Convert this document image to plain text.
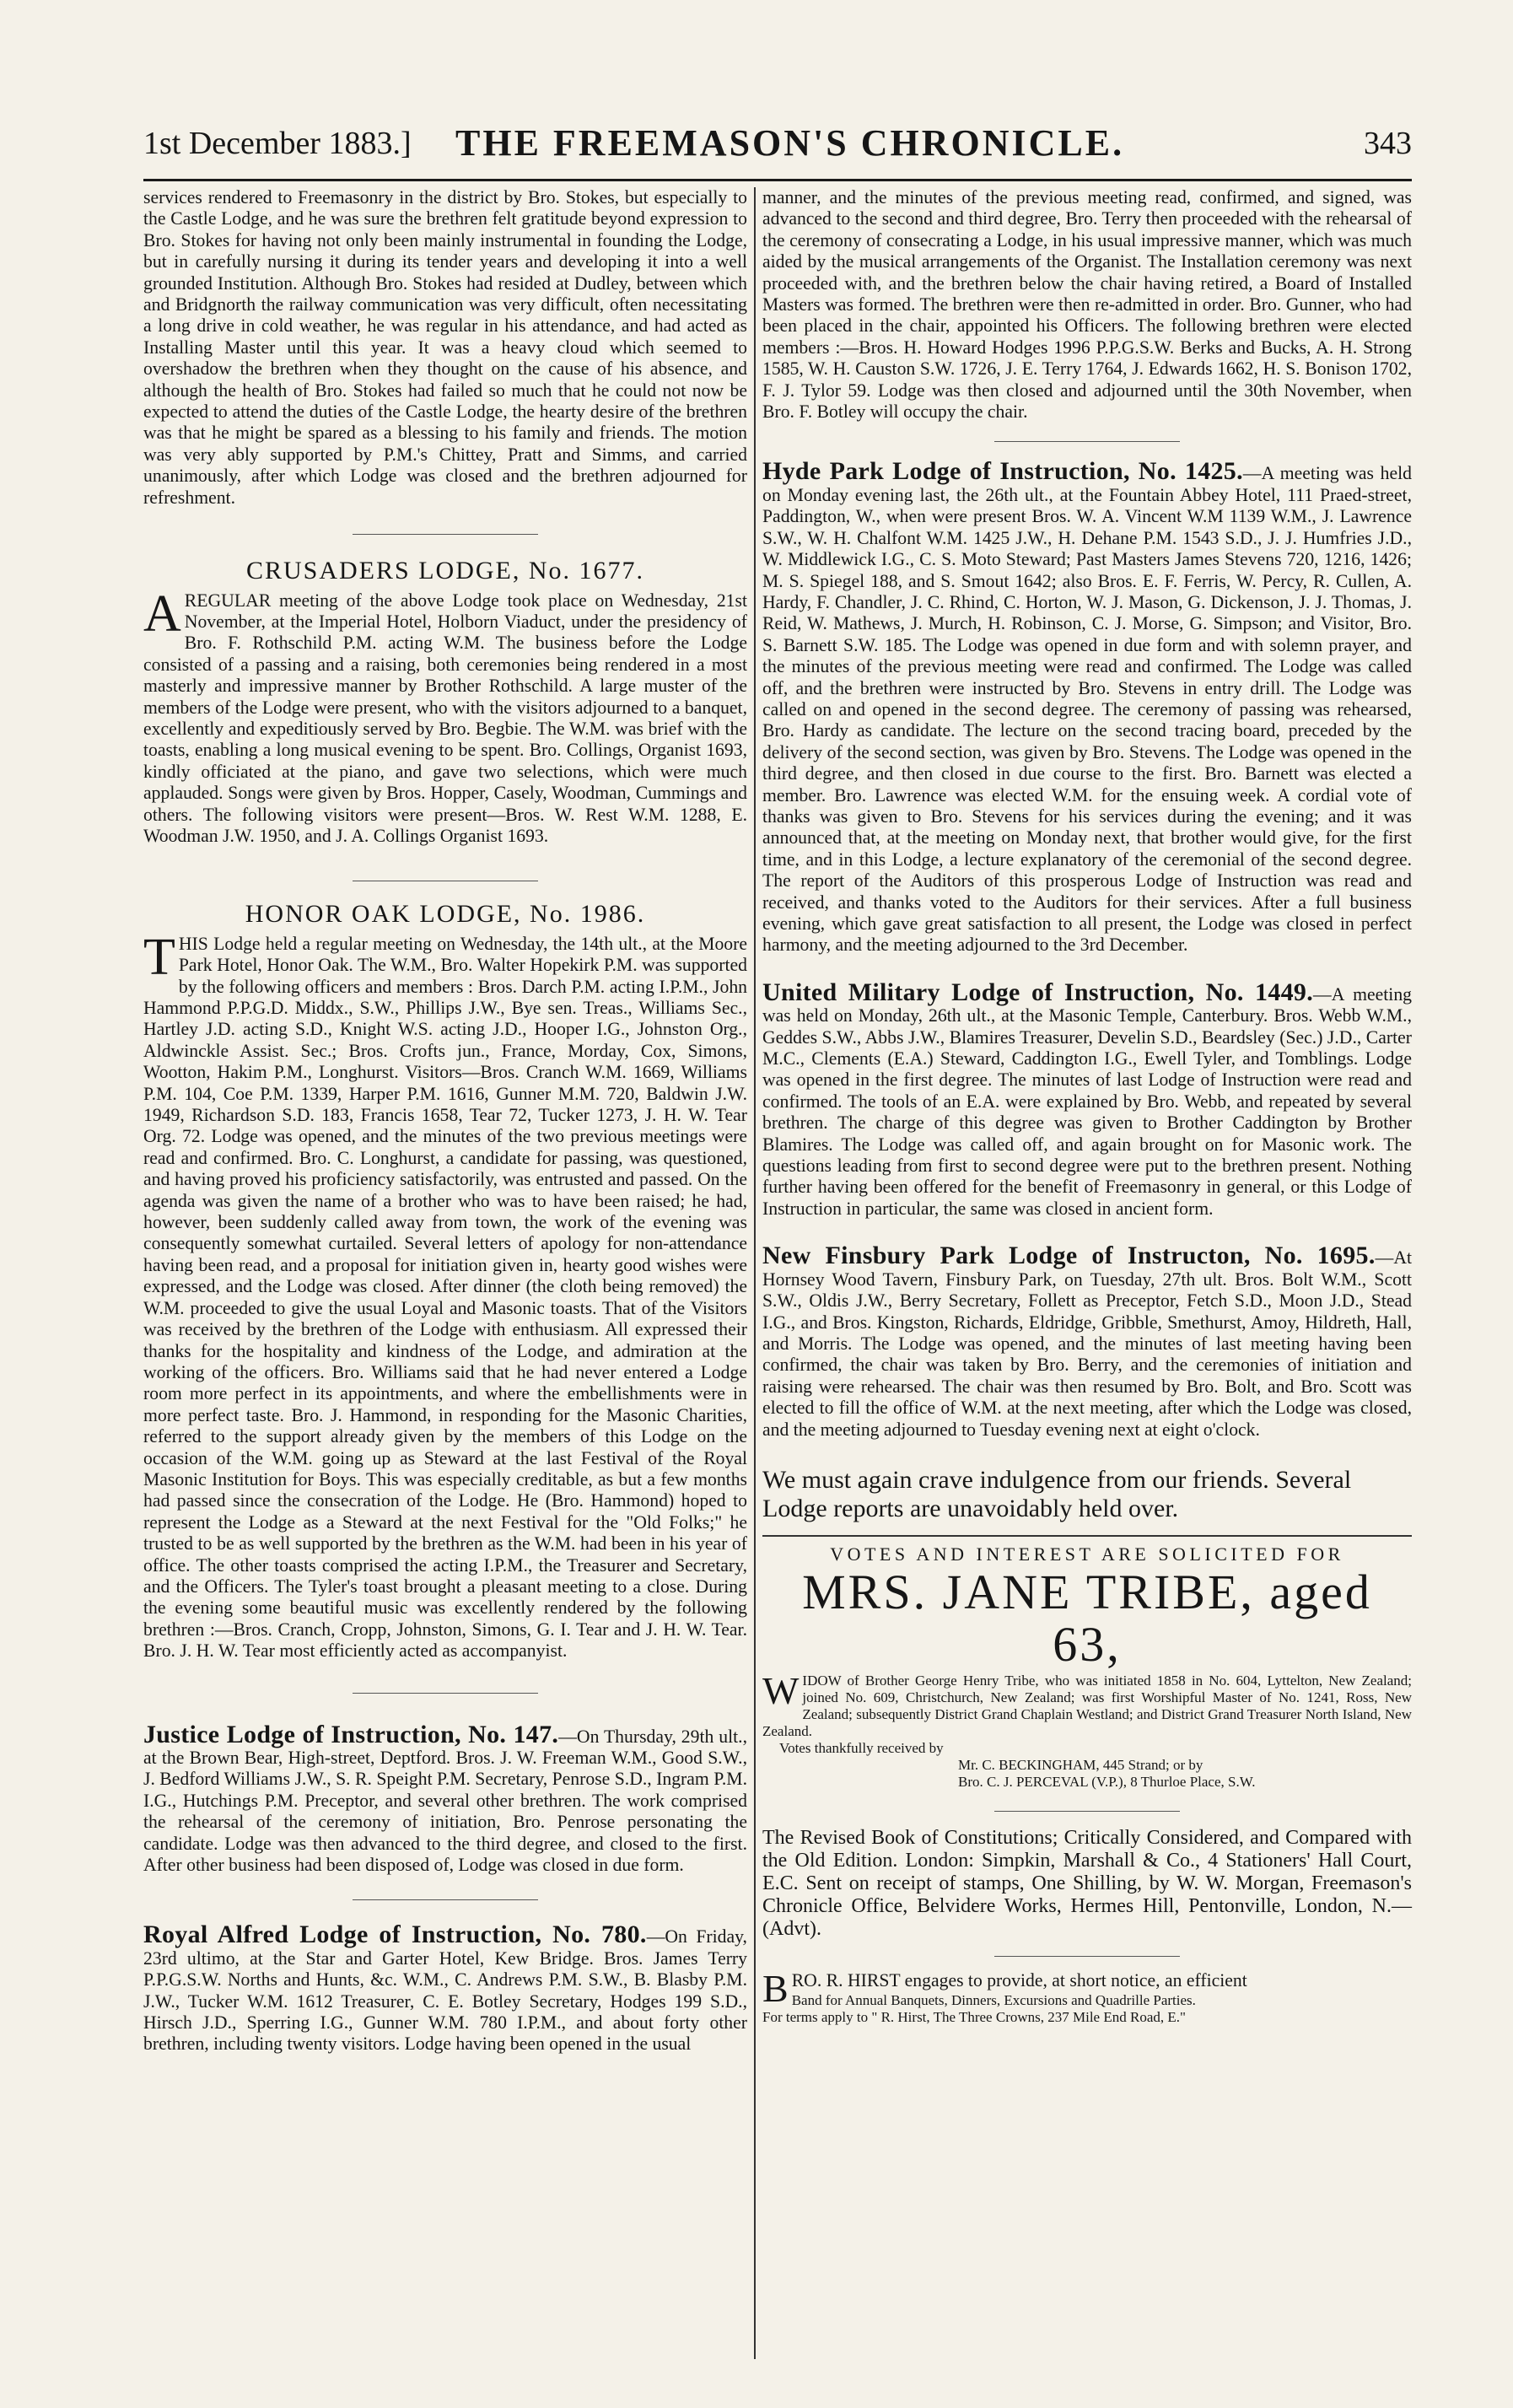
1st December 1883.] THE FREEMASON'S CHRONICLE.	343

services rendered to Freemasonry in the district by Bro. Stokes, but especially to the Castle Lodge, and he was sure the brethren felt gratitude beyond expression to Bro. Stokes for having not only been mainly instrumental in founding the Lodge, but in carefully nursing it during its tender years and developing it into a well grounded Institution. Although Bro. Stokes had resided at Dudley, between which and Bridgnorth the railway communication was very difficult, often necessitating a long drive in cold weather, he was regular in his attendance, and had acted as Installing Master until this year. It was a heavy cloud which seemed to overshadow the brethren when they thought on the cause of his absence, and although the health of Bro. Stokes had failed so much that he could not now be expected to attend the duties of the Castle Lodge, the hearty desire of the brethren was that he might be spared as a blessing to his family and friends. The motion was very ably supported by P.M.'s Chittey, Pratt and Simms, and carried unanimously, after which Lodge was closed and the brethren adjourned for refreshment.

CRUSADERS LODGE, No. 1677.

AREGULAR meeting of the above Lodge took place on Wednesday, 21st November, at the Imperial Hotel, Holborn Viaduct, under the presidency of Bro. F. Rothschild P.M. acting W.M. The business before the Lodge consisted of a passing and a raising, both ceremonies being rendered in a most masterly and impressive manner by Brother Rothschild. A large muster of the members of the Lodge were present, who with the visitors adjourned to a banquet, excellently and expeditiously served by Bro. Begbie. The W.M. was brief with the toasts, enabling a long musical evening to be spent. Bro. Collings, Organist 1693, kindly officiated at the piano, and gave two selections, which were much applauded. Songs were given by Bros. Hopper, Casely, Woodman, Cummings and others. The following visitors were present—Bros. W. Rest W.M. 1288, E. Woodman J.W. 1950, and J. A. Collings Organist 1693.

HONOR OAK LODGE, No. 1986.

THIS Lodge held a regular meeting on Wednesday, the 14th ult., at the Moore Park Hotel, Honor Oak. The W.M., Bro. Walter Hopekirk P.M. was supported by the following officers and members : Bros. Darch P.M. acting I.P.M., John Hammond P.P.G.D. Middx., S.W., Phillips J.W., Bye sen. Treas., Williams Sec., Hartley J.D. acting S.D., Knight W.S. acting J.D., Hooper I.G., Johnston Org., Aldwinckle Assist. Sec.; Bros. Crofts jun., France, Morday, Cox, Simons, Wootton, Hakim P.M., Longhurst. Visitors—Bros. Cranch W.M. 1669, Williams P.M. 104, Coe P.M. 1339, Harper P.M. 1616, Gunner M.M. 720, Baldwin J.W. 1949, Richardson S.D. 183, Francis 1658, Tear 72, Tucker 1273, J. H. W. Tear Org. 72. Lodge was opened, and the minutes of the two previous meetings were read and confirmed. Bro. C. Longhurst, a candidate for passing, was questioned, and having proved his proficiency satisfactorily, was entrusted and passed. On the agenda was given the name of a brother who was to have been raised; he had, however, been suddenly called away from town, the work of the evening was consequently somewhat curtailed. Several letters of apology for non-attendance having been read, and a proposal for initiation given in, hearty good wishes were expressed, and the Lodge was closed. After dinner (the cloth being removed) the W.M. proceeded to give the usual Loyal and Masonic toasts. That of the Visitors was received by the brethren of the Lodge with enthusiasm. All expressed their thanks for the hospitality and kindness of the Lodge, and admiration at the working of the officers. Bro. Williams said that he had never entered a Lodge room more perfect in its appointments, and where the embellishments were in more perfect taste. Bro. J. Hammond, in responding for the Masonic Charities, referred to the support already given by the members of this Lodge on the occasion of the W.M. going up as Steward at the last Festival of the Royal Masonic Institution for Boys. This was especially creditable, as but a few months had passed since the consecration of the Lodge. He (Bro. Hammond) hoped to represent the Lodge as a Steward at the next Festival for the "Old Folks;" he trusted to be as well supported by the brethren as the W.M. had been in his year of office. The other toasts comprised the acting I.P.M., the Treasurer and Secretary, and the Officers. The Tyler's toast brought a pleasant meeting to a close. During the evening some beautiful music was excellently rendered by the following brethren :—Bros. Cranch, Cropp, Johnston, Simons, G. I. Tear and J. H. W. Tear. Bro. J. H. W. Tear most efficiently acted as accompanyist.

Justice Lodge of Instruction, No. 147.—On Thursday, 29th ult., at the Brown Bear, High-street, Deptford. Bros. J. W. Freeman W.M., Good S.W., J. Bedford Williams J.W., S. R. Speight P.M. Secretary, Penrose S.D., Ingram P.M. I.G., Hutchings P.M. Preceptor, and several other brethren. The work comprised the rehearsal of the ceremony of initiation, Bro. Penrose personating the candidate. Lodge was then advanced to the third degree, and closed to the first. After other business had been disposed of, Lodge was closed in due form.

Royal Alfred Lodge of Instruction, No. 780.—On Friday, 23rd ultimo, at the Star and Garter Hotel, Kew Bridge. Bros. James Terry P.P.G.S.W. Norths and Hunts, &c. W.M., C. Andrews P.M. S.W., B. Blasby P.M. J.W., Tucker W.M. 1612 Treasurer, C. E. Botley Secretary, Hodges 199 S.D., Hirsch J.D., Sperring I.G., Gunner W.M. 780 I.P.M., and about forty other brethren, including twenty visitors. Lodge having been opened in the usual

manner, and the minutes of the previous meeting read, confirmed, and signed, was advanced to the second and third degree, Bro. Terry then proceeded with the rehearsal of the ceremony of consecrating a Lodge, in his usual impressive manner, which was much aided by the musical arrangements of the Organist. The Installation ceremony was next proceeded with, and the brethren below the chair having retired, a Board of Installed Masters was formed. The brethren were then re-admitted in order. Bro. Gunner, who had been placed in the chair, appointed his Officers. The following brethren were elected members :—Bros. H. Howard Hodges 1996 P.P.G.S.W. Berks and Bucks, A. H. Strong 1585, W. H. Causton S.W. 1726, J. E. Terry 1764, J. Edwards 1662, H. S. Bonison 1702, F. J. Tylor 59. Lodge was then closed and adjourned until the 30th November, when Bro. F. Botley will occupy the chair.

Hyde Park Lodge of Instruction, No. 1425.—A meeting was held on Monday evening last, the 26th ult., at the Fountain Abbey Hotel, 111 Praed-street, Paddington, W., when were present Bros. W. A. Vincent W.M 1139 W.M., J. Lawrence S.W., W. H. Chalfont W.M. 1425 J.W., H. Dehane P.M. 1543 S.D., J. J. Humfries J.D., W. Middlewick I.G., C. S. Moto Steward; Past Masters James Stevens 720, 1216, 1426; M. S. Spiegel 188, and S. Smout 1642; also Bros. E. F. Ferris, W. Percy, R. Cullen, A. Hardy, F. Chandler, J. C. Rhind, C. Horton, W. J. Mason, G. Dickenson, J. J. Thomas, J. Reid, W. Mathews, J. Murch, H. Robinson, C. J. Morse, G. Simpson; and Visitor, Bro. S. Barnett S.W. 185. The Lodge was opened in due form and with solemn prayer, and the minutes of the previous meeting were read and confirmed. The Lodge was called off, and the brethren were instructed by Bro. Stevens in entry drill. The Lodge was called on and opened in the second degree. The ceremony of passing was rehearsed, Bro. Hardy as candidate. The lecture on the second tracing board, preceded by the delivery of the second section, was given by Bro. Stevens. The Lodge was opened in the third degree, and then closed in due course to the first. Bro. Barnett was elected a member. Bro. Lawrence was elected W.M. for the ensuing week. A cordial vote of thanks was given to Bro. Stevens for his services during the evening; and it was announced that, at the meeting on Monday next, that brother would give, for the first time, and in this Lodge, a lecture explanatory of the ceremonial of the second degree. The report of the Auditors of this prosperous Lodge of Instruction was read and received, and thanks voted to the Auditors for their services. After a full business evening, which gave great satisfaction to all present, the Lodge was closed in perfect harmony, and the meeting adjourned to the 3rd December.

United Military Lodge of Instruction, No. 1449.—A meeting was held on Monday, 26th ult., at the Masonic Temple, Canterbury. Bros. Webb W.M., Geddes S.W., Abbs J.W., Blamires Treasurer, Develin S.D., Beardsley (Sec.) J.D., Carter M.C., Clements (E.A.) Steward, Caddington I.G., Ewell Tyler, and Tomblings. Lodge was opened in the first degree. The minutes of last Lodge of Instruction were read and confirmed. The tools of an E.A. were explained by Bro. Webb, and repeated by several brethren. The charge of this degree was given to Brother Caddington by Brother Blamires. The Lodge was called off, and again brought on for Masonic work. The questions leading from first to second degree were put to the brethren present. Nothing further having been offered for the benefit of Freemasonry in general, or this Lodge of Instruction in particular, the same was closed in ancient form.

New Finsbury Park Lodge of Instructon, No. 1695.—At Hornsey Wood Tavern, Finsbury Park, on Tuesday, 27th ult. Bros. Bolt W.M., Scott S.W., Oldis J.W., Berry Secretary, Follett as Preceptor, Fetch S.D., Moon J.D., Stead I.G., and Bros. Kingston, Richards, Eldridge, Gribble, Smethurst, Amoy, Hildreth, Hall, and Morris. The Lodge was opened, and the minutes of last meeting having been confirmed, the chair was taken by Bro. Berry, and the ceremonies of initiation and raising were rehearsed. The chair was then resumed by Bro. Bolt, and Bro. Scott was elected to fill the office of W.M. at the next meeting, after which the Lodge was closed, and the meeting adjourned to Tuesday evening next at eight o'clock.

We must again crave indulgence from our friends. Several Lodge reports are unavoidably held over.

VOTES AND INTEREST ARE SOLICITED FOR
MRS. JANE TRIBE, aged 63,

WIDOW of Brother George Henry Tribe, who was initiated 1858 in No. 604, Lyttelton, New Zealand; joined No. 609, Christchurch, New Zealand; was first Worshipful Master of No. 1241, Ross, New Zealand; subsequently District Grand Chaplain Westland; and District Grand Treasurer North Island, New Zealand.

Votes thankfully received by

Mr. C. BECKINGHAM, 445 Strand; or by

Bro. C. J. PERCEVAL (V.P.), 8 Thurloe Place, S.W.

The Revised Book of Constitutions; Critically Considered, and Compared with the Old Edition. London: Simpkin, Marshall & Co., 4 Stationers' Hall Court, E.C. Sent on receipt of stamps, One Shilling, by W. W. Morgan, Freemason's Chronicle Office, Belvidere Works, Hermes Hill, Pentonville, London, N.—(Advt).

BRO. R. HIRST engages to provide, at short notice, an efficient

Band for Annual Banquets, Dinners, Excursions and Quadrille Parties.

For terms apply to " R. Hirst, The Three Crowns, 237 Mile End Road, E."
